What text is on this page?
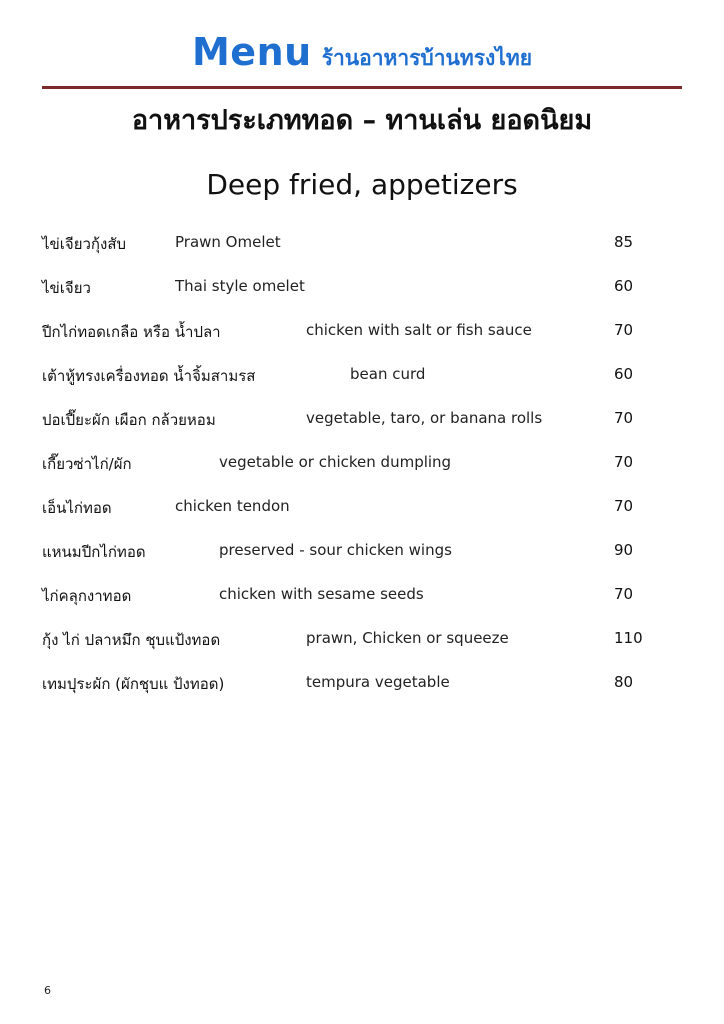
Menu ร้านอาหารบ้านทรงไทย
อาหารประเภททอด – ทานเล่น ยอดนิยม
Deep fried, appetizers
ไข่เจียวกุ้งสับ	Prawn Omelet	85
ไข่เจียว	Thai style omelet	60
ปีกไก่ทอดเกลือ หรือ น้ำปลา	chicken with salt or fish sauce	70
เต้าหู้ทรงเครื่องทอด น้ำจิ้มสามรส	bean curd	60
ปอเปี๊ยะผัก เผือก กล้วยหอม	vegetable, taro, or banana rolls	70
เกี๊ยวซ่าไก่/ผัก	vegetable or chicken dumpling	70
เอ็นไก่ทอด	chicken tendon	70
แหนมปีกไก่ทอด	preserved - sour chicken wings	90
ไก่คลุกงาทอด	chicken with sesame seeds	70
กุ้ง ไก่ ปลาหมึก ชุบแป้งทอด	prawn, Chicken or squeeze	110
เทมปุระผัก (ผักชุบแ ป้งทอด)	tempura vegetable	80
6
